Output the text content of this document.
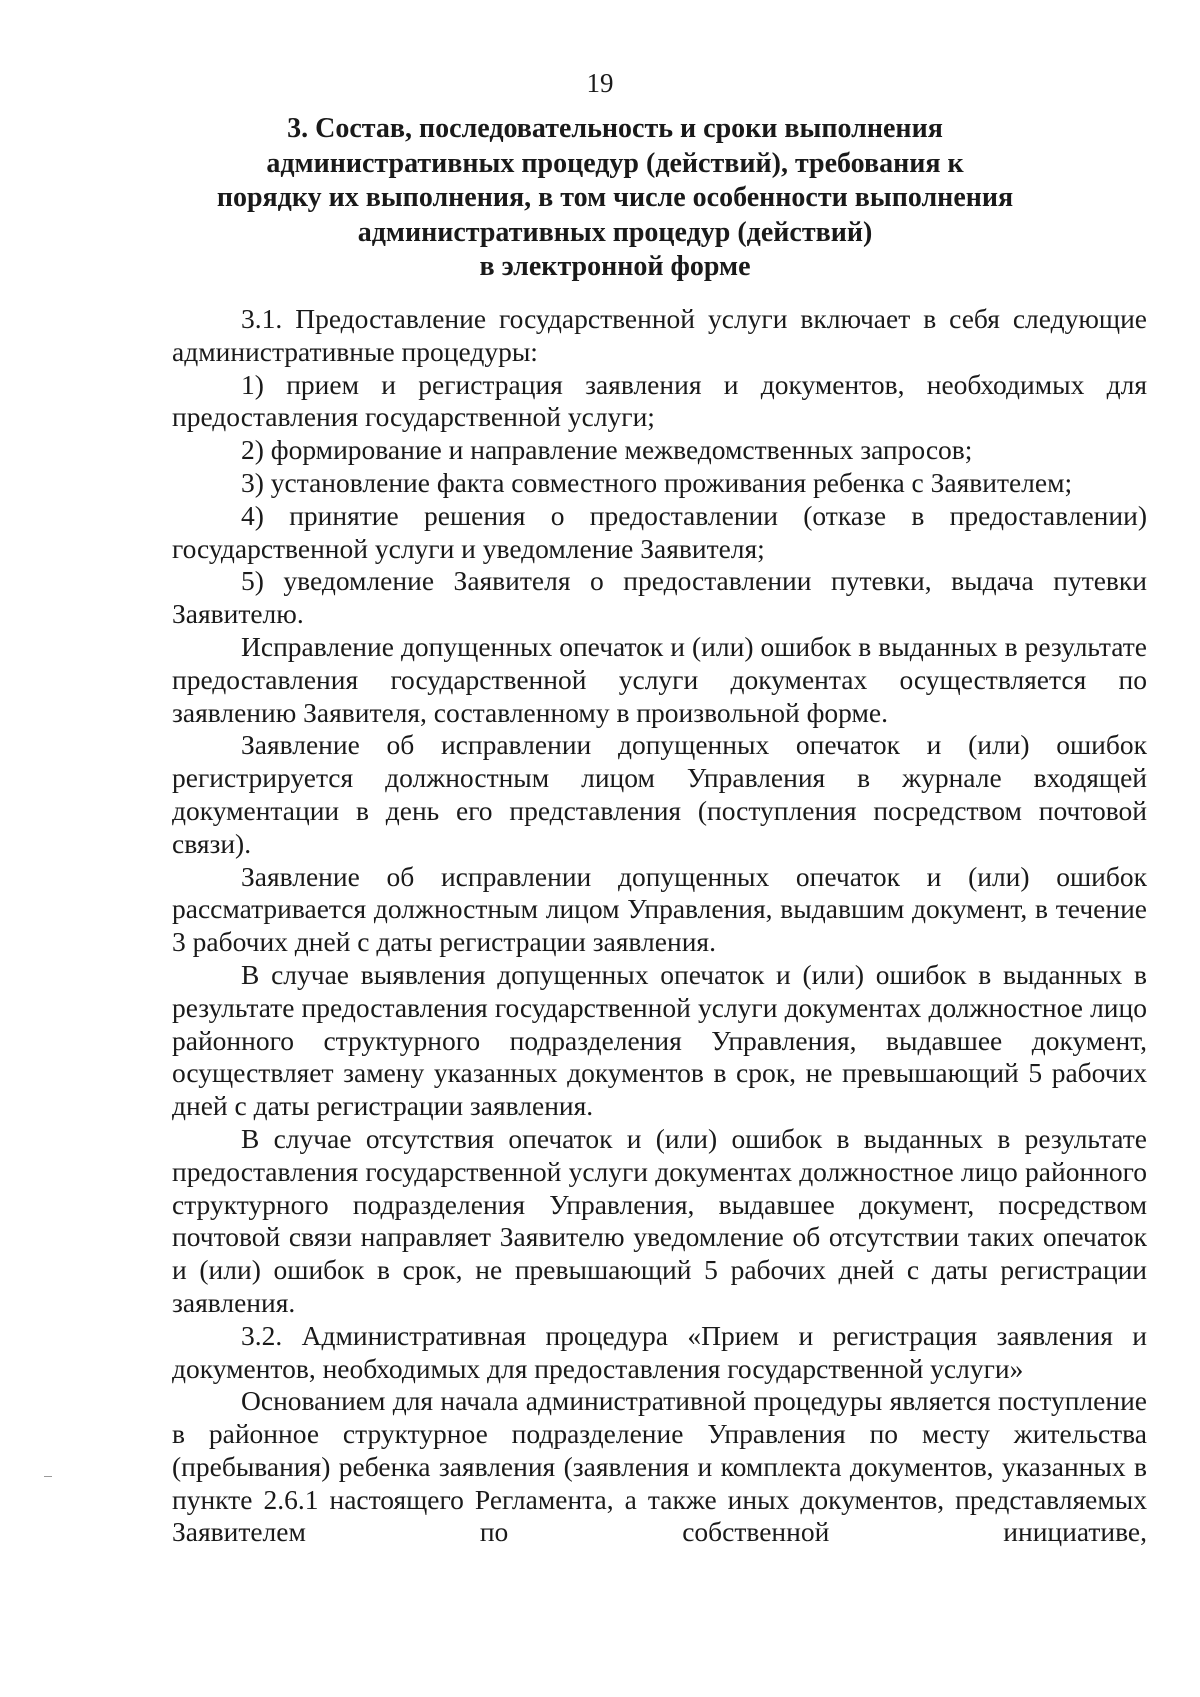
19
3. Состав, последовательность и сроки выполнения
административных процедур (действий), требования к
порядку их выполнения, в том числе особенности выполнения
административных процедур (действий)
в электронной форме

3.1. Предоставление государственной услуги включает в себя следующие административные процедуры:

1) прием и регистрация заявления и документов, необходимых для предоставления государственной услуги;

2) формирование и направление межведомственных запросов;

3) установление факта совместного проживания ребенка с Заявителем;

4) принятие решения о предоставлении (отказе в предоставлении) государственной услуги и уведомление Заявителя;

5) уведомление Заявителя о предоставлении путевки, выдача путевки Заявителю.

Исправление допущенных опечаток и (или) ошибок в выданных в результате предоставления государственной услуги документах осуществляется по заявлению Заявителя, составленному в произвольной форме.

Заявление об исправлении допущенных опечаток и (или) ошибок регистрируется должностным лицом Управления в журнале входящей документации в день его представления (поступления посредством почтовой связи).

Заявление об исправлении допущенных опечаток и (или) ошибок рассматривается должностным лицом Управления, выдавшим документ, в течение 3 рабочих дней с даты регистрации заявления.

В случае выявления допущенных опечаток и (или) ошибок в выданных в результате предоставления государственной услуги документах должностное лицо районного структурного подразделения Управления, выдавшее документ, осуществляет замену указанных документов в срок, не превышающий 5 рабочих дней с даты регистрации заявления.

В случае отсутствия опечаток и (или) ошибок в выданных в результате предоставления государственной услуги документах должностное лицо районного структурного подразделения Управления, выдавшее документ, посредством почтовой связи направляет Заявителю уведомление об отсутствии таких опечаток и (или) ошибок в срок, не превышающий 5 рабочих дней с даты регистрации заявления.

3.2. Административная процедура «Прием и регистрация заявления и документов, необходимых для предоставления государственной услуги»

Основанием для начала административной процедуры является поступление в районное структурное подразделение Управления по месту жительства (пребывания) ребенка заявления (заявления и комплекта документов, указанных в пункте 2.6.1 настоящего Регламента, а также иных документов, представляемых Заявителем по собственной инициативе,
